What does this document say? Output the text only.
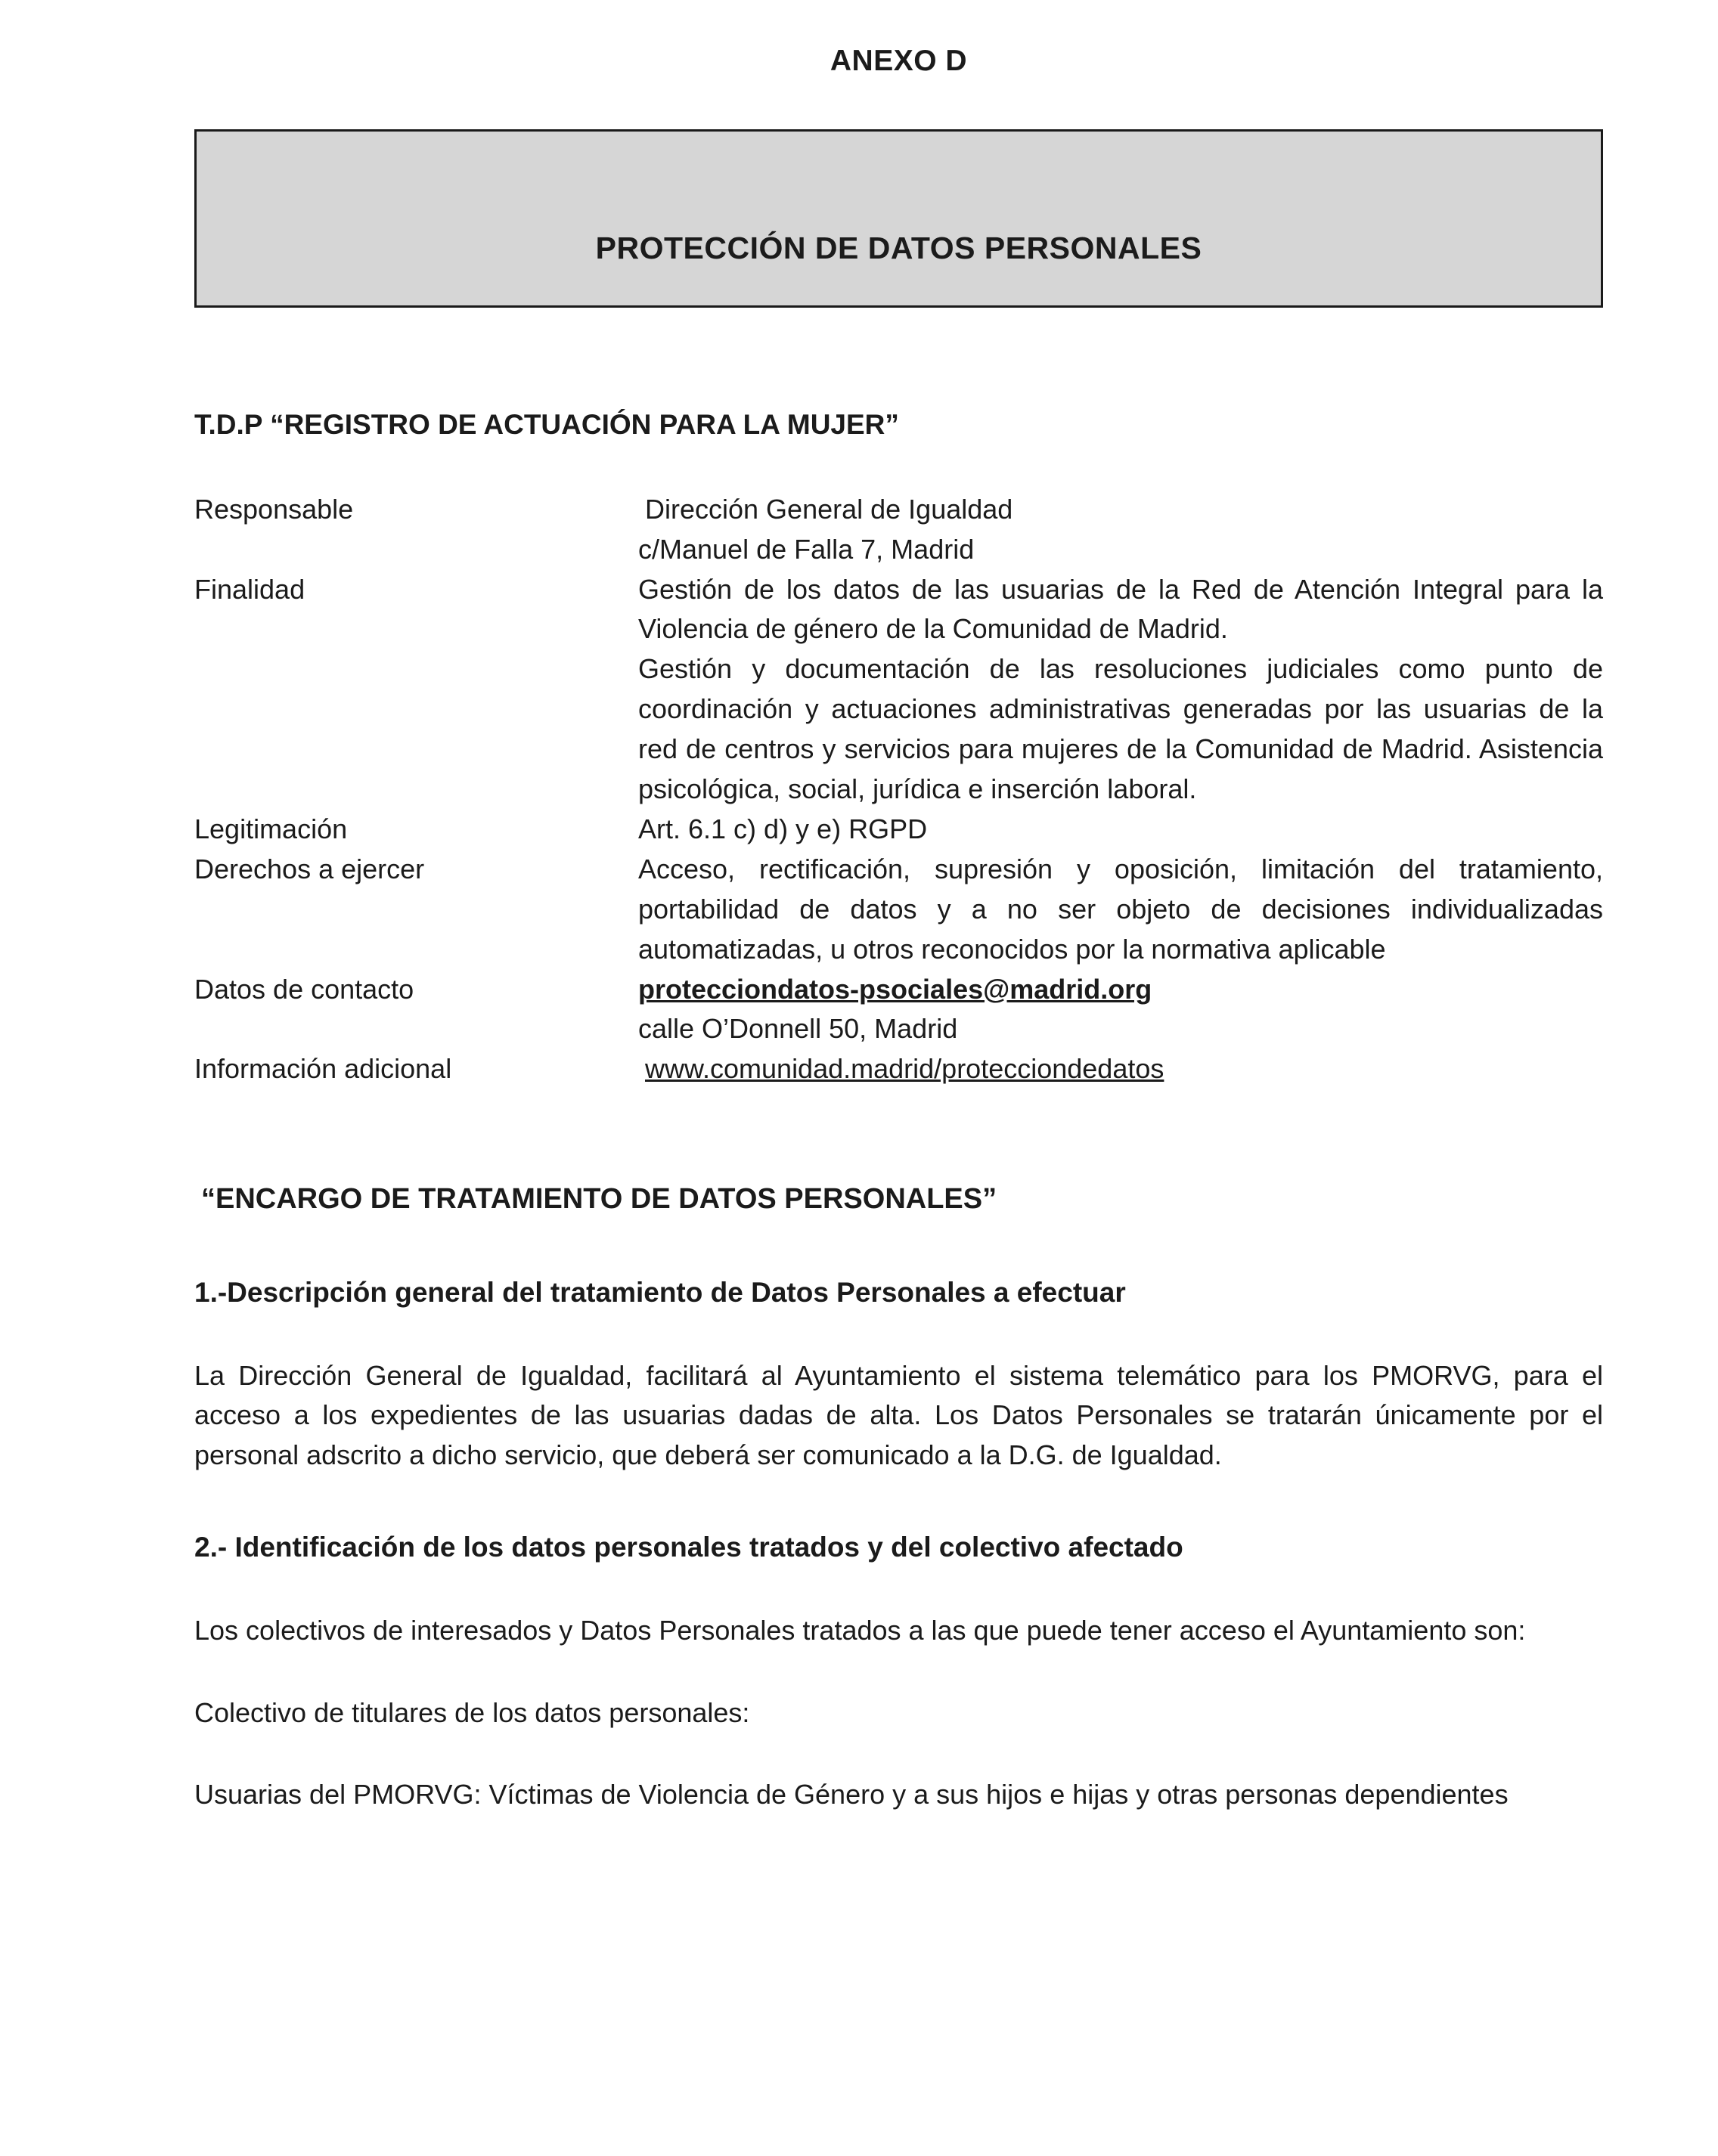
ANEXO D
PROTECCIÓN DE DATOS PERSONALES
T.D.P “REGISTRO DE ACTUACIÓN PARA LA MUJER”
Responsable	Dirección General de Igualdad
c/Manuel de Falla 7, Madrid
Finalidad	Gestión de los datos de las usuarias de la Red de Atención Integral para la Violencia de género de la Comunidad de Madrid.
Gestión y documentación de las resoluciones judiciales como punto de coordinación y actuaciones administrativas generadas por las usuarias de la red de centros y servicios para mujeres de la Comunidad de Madrid. Asistencia psicológica, social, jurídica e inserción laboral.
Legitimación	Art. 6.1 c) d) y e) RGPD
Derechos a ejercer	Acceso, rectificación, supresión y oposición, limitación del tratamiento, portabilidad de datos y a no ser objeto de decisiones individualizadas automatizadas, u otros reconocidos por la normativa aplicable
Datos de contacto	protecciondatos-psociales@madrid.org
calle O’Donnell 50, Madrid
Información adicional	www.comunidad.madrid/protecciondedatos
“ENCARGO DE TRATAMIENTO DE DATOS PERSONALES”
1.-Descripción general del tratamiento de Datos Personales a efectuar

La Dirección General de Igualdad, facilitará al Ayuntamiento el sistema telemático para los PMORVG, para el acceso a los expedientes de las usuarias dadas de alta. Los Datos Personales se tratarán únicamente por el personal adscrito a dicho servicio, que deberá ser comunicado a la D.G. de Igualdad.

2.- Identificación de los datos personales tratados y del colectivo afectado

Los colectivos de interesados y Datos Personales tratados a las que puede tener acceso el Ayuntamiento son:

Colectivo de titulares de los datos personales:

Usuarias del PMORVG: Víctimas de Violencia de Género y a sus hijos e hijas y otras personas dependientes
